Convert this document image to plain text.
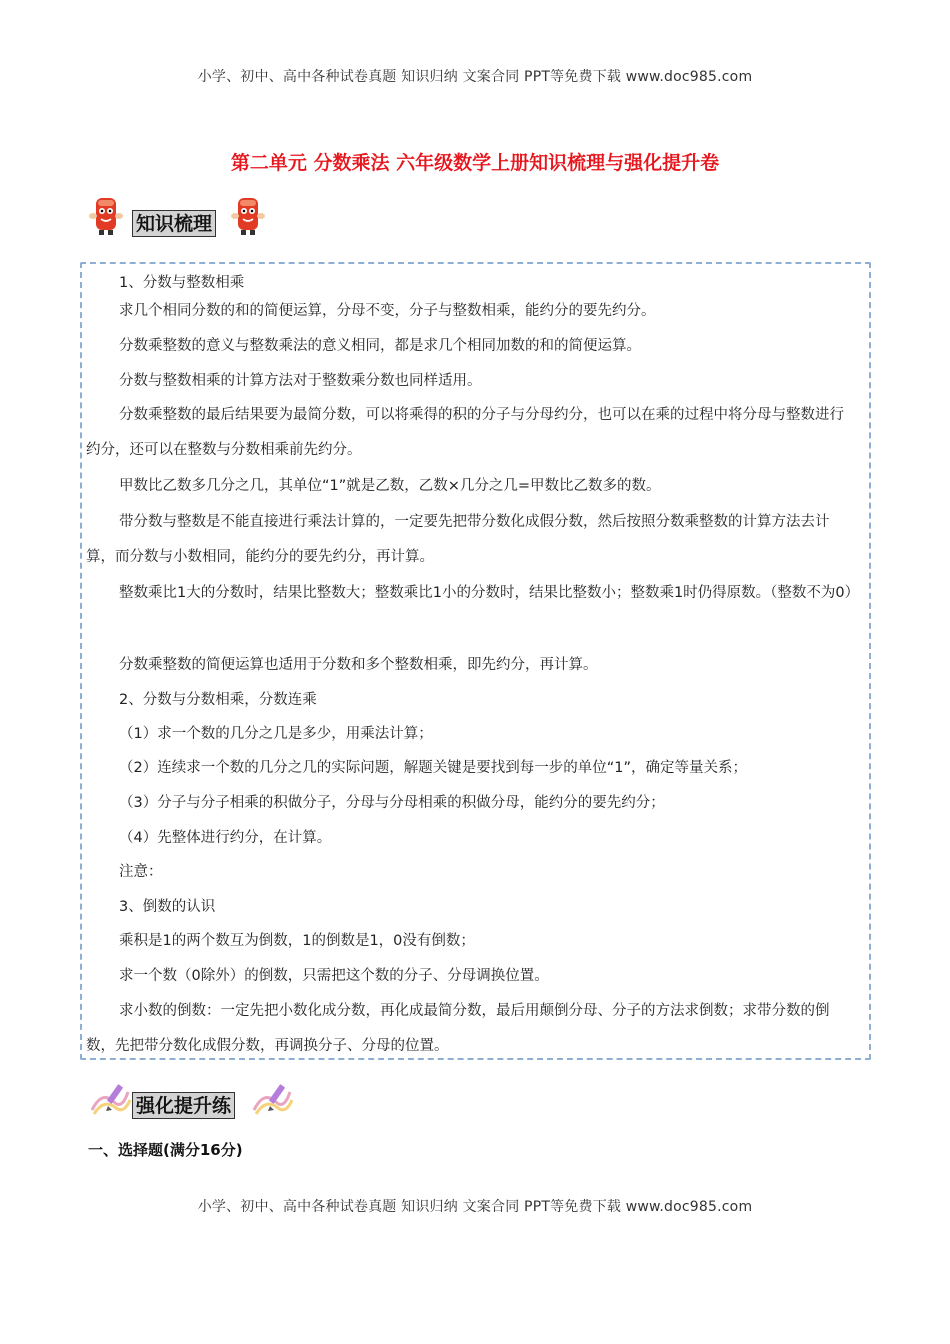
小学、初中、高中各种试卷真题 知识归纳 文案合同 PPT等免费下载 www.doc985.com
第二单元 分数乘法 六年级数学上册知识梳理与强化提升卷
知识梳理

1、分数与整数相乘

求几个相同分数的和的简便运算，分母不变，分子与整数相乘，能约分的要先约分。

分数乘整数的意义与整数乘法的意义相同，都是求几个相同加数的和的简便运算。

分数与整数相乘的计算方法对于整数乘分数也同样适用。

分数乘整数的最后结果要为最简分数，可以将乘得的积的分子与分母约分，也可以在乘的过程中将分母与整数进行约分，还可以在整数与分数相乘前先约分。

甲数比乙数多几分之几，其单位“1”就是乙数，乙数×几分之几=甲数比乙数多的数。

带分数与整数是不能直接进行乘法计算的，一定要先把带分数化成假分数，然后按照分数乘整数的计算方法去计算，而分数与小数相同，能约分的要先约分，再计算。

整数乘比1大的分数时，结果比整数大；整数乘比1小的分数时，结果比整数小；整数乘1时仍得原数。（整数不为0）

分数乘整数的简便运算也适用于分数和多个整数相乘，即先约分，再计算。

2、分数与分数相乘，分数连乘

（1）求一个数的几分之几是多少，用乘法计算；

（2）连续求一个数的几分之几的实际问题，解题关键是要找到每一步的单位“1”，确定等量关系；

（3）分子与分子相乘的积做分子，分母与分母相乘的积做分母，能约分的要先约分；

（4）先整体进行约分，在计算。

注意：

3、倒数的认识

乘积是1的两个数互为倒数，1的倒数是1，0没有倒数；

求一个数（0除外）的倒数，只需把这个数的分子、分母调换位置。

求小数的倒数：一定先把小数化成分数，再化成最简分数，最后用颠倒分母、分子的方法求倒数；求带分数的倒数，先把带分数化成假分数，再调换分子、分母的位置。

强化提升练
一、选择题(满分16分)
小学、初中、高中各种试卷真题 知识归纳 文案合同 PPT等免费下载 www.doc985.com
